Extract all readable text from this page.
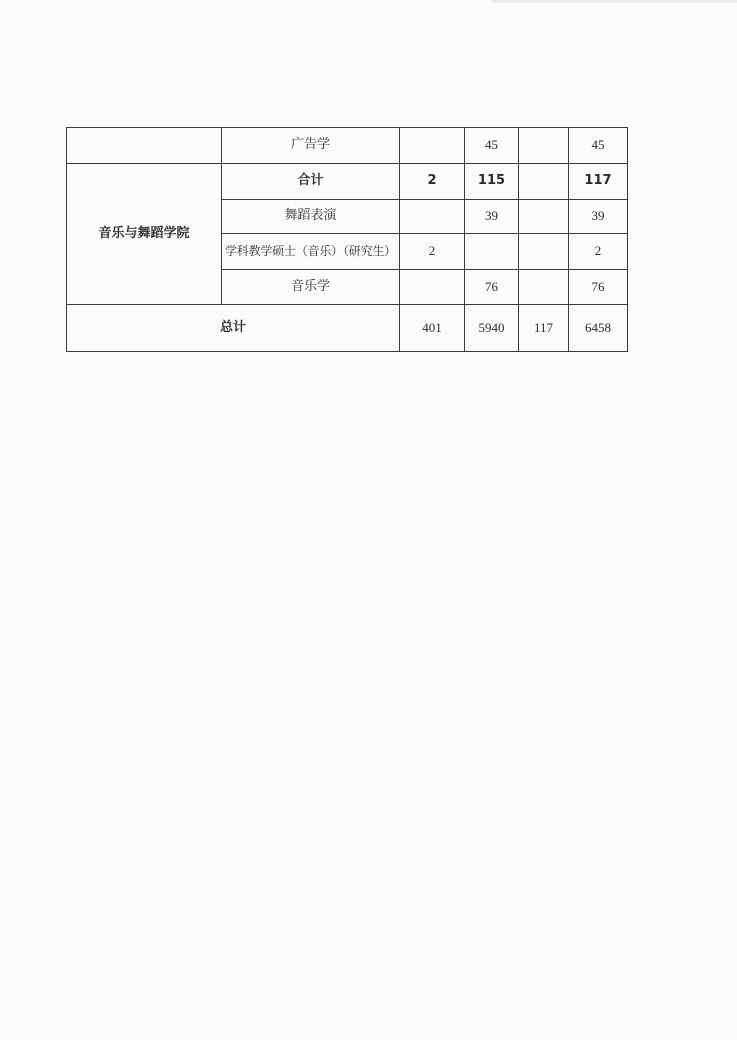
	广告学		45		45
音乐与舞蹈学院	合计	2	115		117
	舞蹈表演		39		39
	学科教学硕士（音乐）（研究生）	2			2
	音乐学		76		76
总计		401	5940	117	6458
